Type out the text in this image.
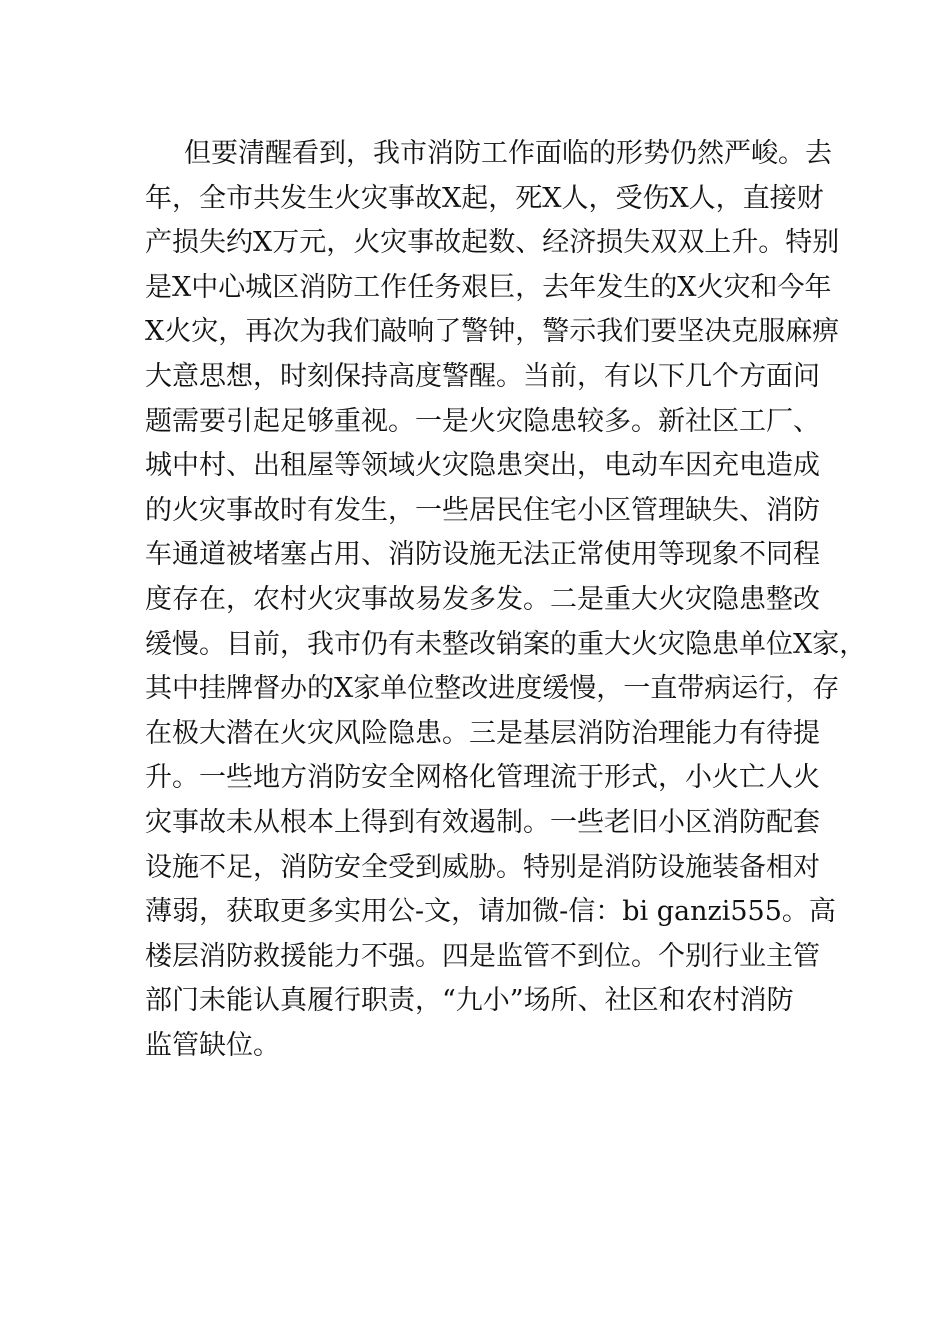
但要清醒看到，我市消防工作面临的形势仍然严峻。去
年，全市共发生火灾事故X起，死X人，受伤X人，直接财
产损失约X万元，火灾事故起数、经济损失双双上升。特别
是X中心城区消防工作任务艰巨，去年发生的X火灾和今年
X火灾，再次为我们敲响了警钟，警示我们要坚决克服麻痹
大意思想，时刻保持高度警醒。当前，有以下几个方面问
题需要引起足够重视。一是火灾隐患较多。新社区工厂、
城中村、出租屋等领域火灾隐患突出，电动车因充电造成
的火灾事故时有发生，一些居民住宅小区管理缺失、消防
车通道被堵塞占用、消防设施无法正常使用等现象不同程
度存在，农村火灾事故易发多发。二是重大火灾隐患整改
缓慢。目前，我市仍有未整改销案的重大火灾隐患单位X家，
其中挂牌督办的X家单位整改进度缓慢，一直带病运行，存
在极大潜在火灾风险隐患。三是基层消防治理能力有待提
升。一些地方消防安全网格化管理流于形式，小火亡人火
灾事故未从根本上得到有效遏制。一些老旧小区消防配套
设施不足，消防安全受到威胁。特别是消防设施装备相对
薄弱，获取更多实用公-文，请加微-信：bi ganzi555。高
楼层消防救援能力不强。四是监管不到位。个别行业主管
部门未能认真履行职责，“九小”场所、社区和农村消防
监管缺位。
